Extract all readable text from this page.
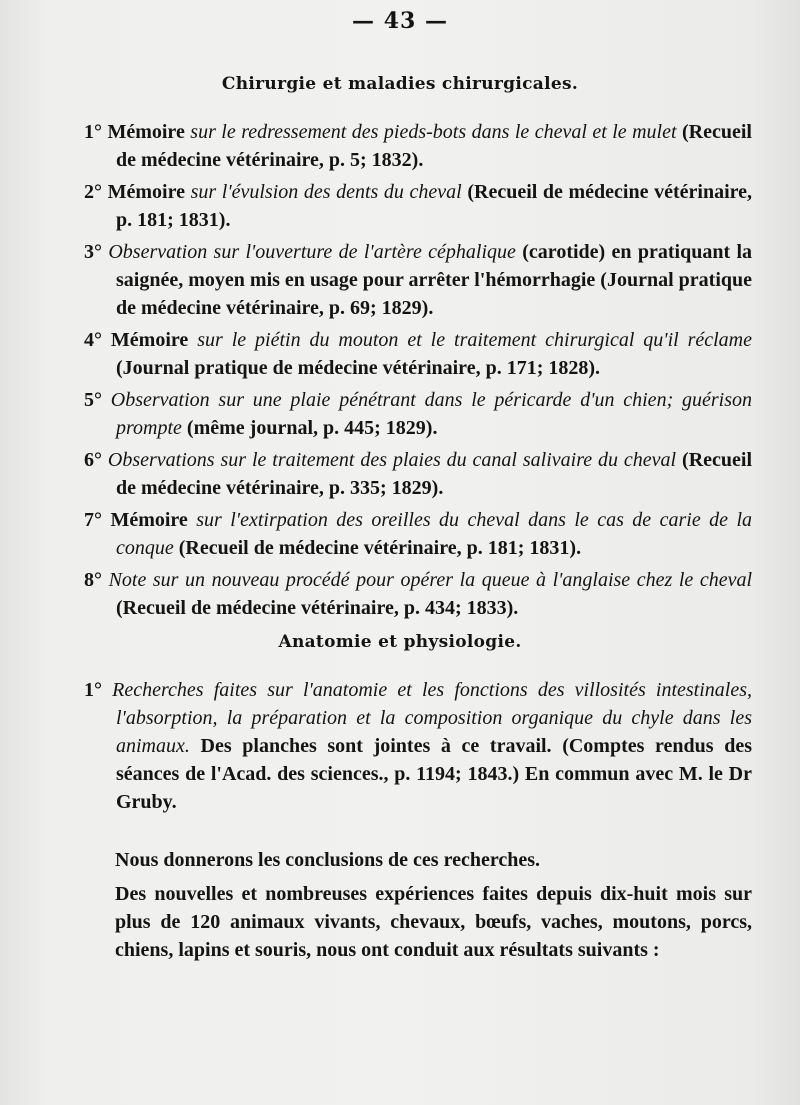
— 43 —
Chirurgie et maladies chirurgicales.

1° Mémoire sur le redressement des pieds-bots dans le cheval et le mulet (Recueil de médecine vétérinaire, p. 5; 1832).

2° Mémoire sur l'évulsion des dents du cheval (Recueil de médecine vétérinaire, p. 181; 1831).

3° Observation sur l'ouverture de l'artère céphalique (carotide) en pratiquant la saignée, moyen mis en usage pour arrêter l'hémorrhagie (Journal pratique de médecine vétérinaire, p. 69; 1829).

4° Mémoire sur le piétin du mouton et le traitement chirurgical qu'il réclame (Journal pratique de médecine vétérinaire, p. 171; 1828).

5° Observation sur une plaie pénétrant dans le péricarde d'un chien; guérison prompte (même journal, p. 445; 1829).

6° Observations sur le traitement des plaies du canal salivaire du cheval (Recueil de médecine vétérinaire, p. 335; 1829).

7° Mémoire sur l'extirpation des oreilles du cheval dans le cas de carie de la conque (Recueil de médecine vétérinaire, p. 181; 1831).

8° Note sur un nouveau procédé pour opérer la queue à l'anglaise chez le cheval (Recueil de médecine vétérinaire, p. 434; 1833).

Anatomie et physiologie.

1° Recherches faites sur l'anatomie et les fonctions des villosités intestinales, l'absorption, la préparation et la composition organique du chyle dans les animaux. Des planches sont jointes à ce travail. (Comptes rendus des séances de l'Acad. des sciences., p. 1194; 1843.) En commun avec M. le Dr Gruby.

Nous donnerons les conclusions de ces recherches.

Des nouvelles et nombreuses expériences faites depuis dix-huit mois sur plus de 120 animaux vivants, chevaux, bœufs, vaches, moutons, porcs, chiens, lapins et souris, nous ont conduit aux résultats suivants :
